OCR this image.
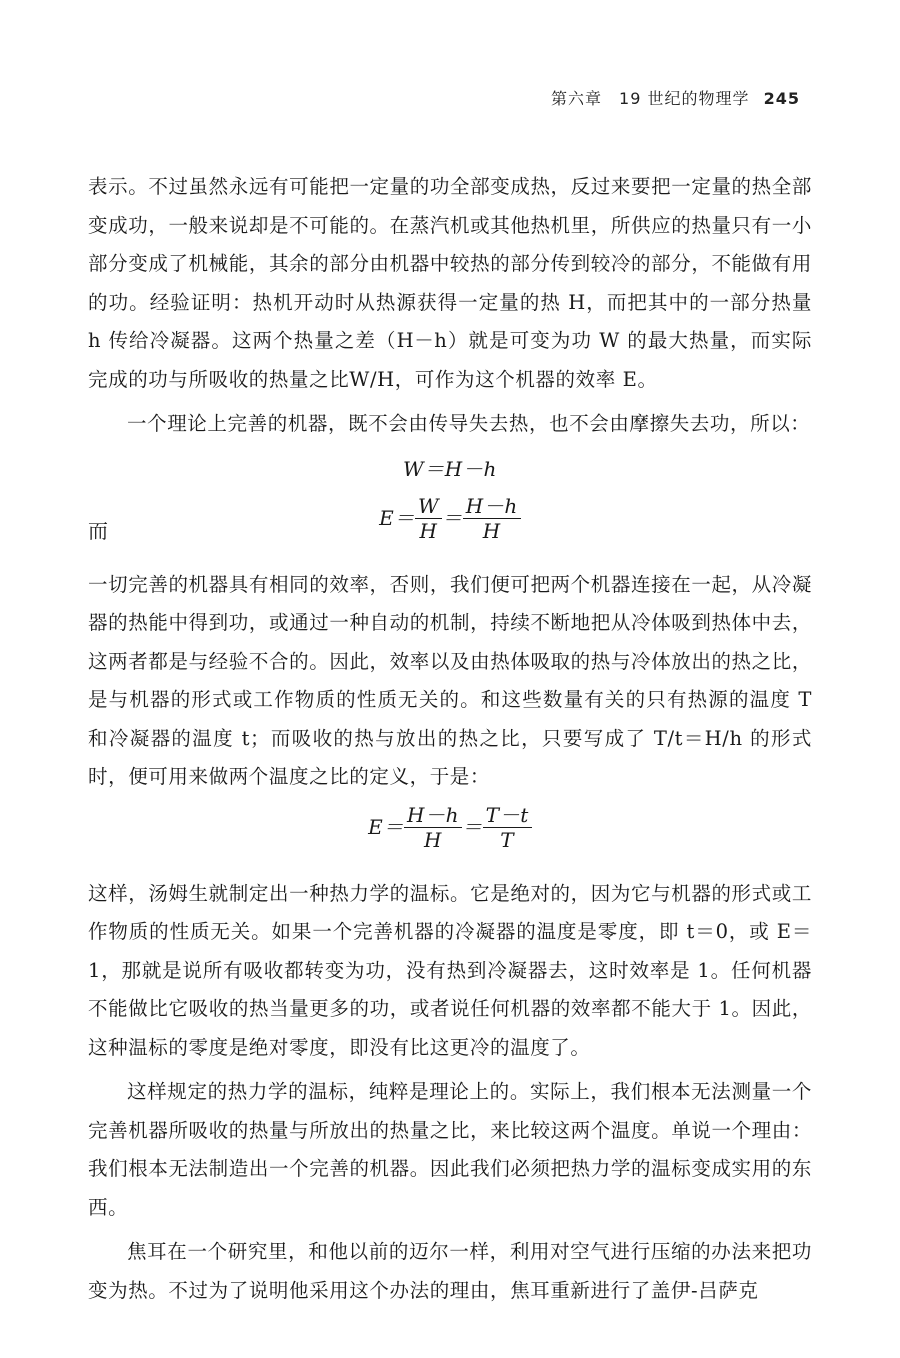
第六章　19 世纪的物理学 245

表示。不过虽然永远有可能把一定量的功全部变成热，反过来要把一定量的热全部变成功，一般来说却是不可能的。在蒸汽机或其他热机里，所供应的热量只有一小部分变成了机械能，其余的部分由机器中较热的部分传到较冷的部分，不能做有用的功。经验证明：热机开动时从热源获得一定量的热 H，而把其中的一部分热量 h 传给冷凝器。这两个热量之差（H－h）就是可变为功 W 的最大热量，而实际完成的功与所吸收的热量之比W/H，可作为这个机器的效率 E。

一个理论上完善的机器，既不会由传导失去热，也不会由摩擦失去功，所以：

W＝H－h
而
$E= \frac{W}{H} = \frac{H-h}{H}$

一切完善的机器具有相同的效率，否则，我们便可把两个机器连接在一起，从冷凝器的热能中得到功，或通过一种自动的机制，持续不断地把从冷体吸到热体中去，这两者都是与经验不合的。因此，效率以及由热体吸取的热与冷体放出的热之比，是与机器的形式或工作物质的性质无关的。和这些数量有关的只有热源的温度 T 和冷凝器的温度 t；而吸收的热与放出的热之比，只要写成了 T/t＝H/h 的形式时，便可用来做两个温度之比的定义，于是：

$E= \frac{H-h}{H} = \frac{T-t}{T}$

这样，汤姆生就制定出一种热力学的温标。它是绝对的，因为它与机器的形式或工作物质的性质无关。如果一个完善机器的冷凝器的温度是零度，即 t＝0，或 E＝1，那就是说所有吸收都转变为功，没有热到冷凝器去，这时效率是 1。任何机器不能做比它吸收的热当量更多的功，或者说任何机器的效率都不能大于 1。因此，这种温标的零度是绝对零度，即没有比这更冷的温度了。

这样规定的热力学的温标，纯粹是理论上的。实际上，我们根本无法测量一个完善机器所吸收的热量与所放出的热量之比，来比较这两个温度。单说一个理由：我们根本无法制造出一个完善的机器。因此我们必须把热力学的温标变成实用的东西。

焦耳在一个研究里，和他以前的迈尔一样，利用对空气进行压缩的办法来把功变为热。不过为了说明他采用这个办法的理由，焦耳重新进行了盖伊-吕萨克
